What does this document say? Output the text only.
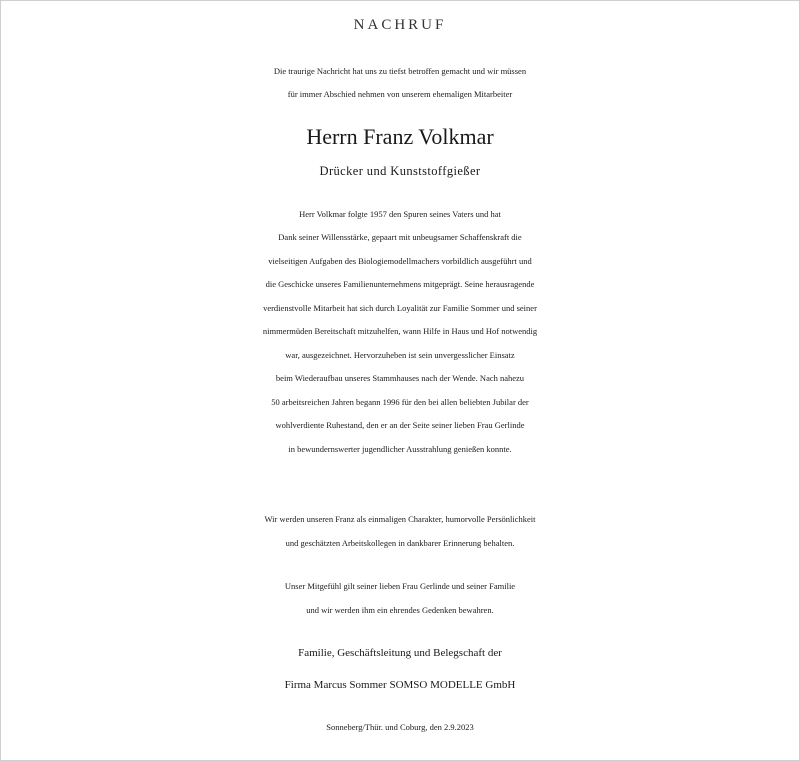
NACHRUF
Die traurige Nachricht hat uns zu tiefst betroffen gemacht und wir müssen
für immer Abschied nehmen von unserem ehemaligen Mitarbeiter
Herrn Franz Volkmar
Drücker und Kunststoffgießer
Herr Volkmar folgte 1957 den Spuren seines Vaters und hat
Dank seiner Willensstärke, gepaart mit unbeugsamer Schaffenskraft die
vielseitigen Aufgaben des Biologiemodellmachers vorbildlich ausgeführt und
die Geschicke unseres Familienunternehmens mitgeprägt. Seine herausragende
verdienstvolle Mitarbeit hat sich durch Loyalität zur Familie Sommer und seiner
nimmermüden Bereitschaft mitzuhelfen, wann Hilfe in Haus und Hof notwendig
war, ausgezeichnet. Hervorzuheben ist sein unvergesslicher Einsatz
beim Wiederaufbau unseres Stammhauses nach der Wende. Nach nahezu
50 arbeitsreichen Jahren begann 1996 für den bei allen beliebten Jubilar der
wohlverdiente Ruhestand, den er an der Seite seiner lieben Frau Gerlinde
in bewundernswerter jugendlicher Ausstrahlung genießen konnte.
Wir werden unseren Franz als einmaligen Charakter, humorvolle Persönlichkeit
und geschätzten Arbeitskollegen in dankbarer Erinnerung behalten.
Unser Mitgefühl gilt seiner lieben Frau Gerlinde und seiner Familie
und wir werden ihm ein ehrendes Gedenken bewahren.
Familie, Geschäftsleitung und Belegschaft der
Firma Marcus Sommer SOMSO MODELLE GmbH
Sonneberg/Thür. und Coburg, den 2.9.2023
